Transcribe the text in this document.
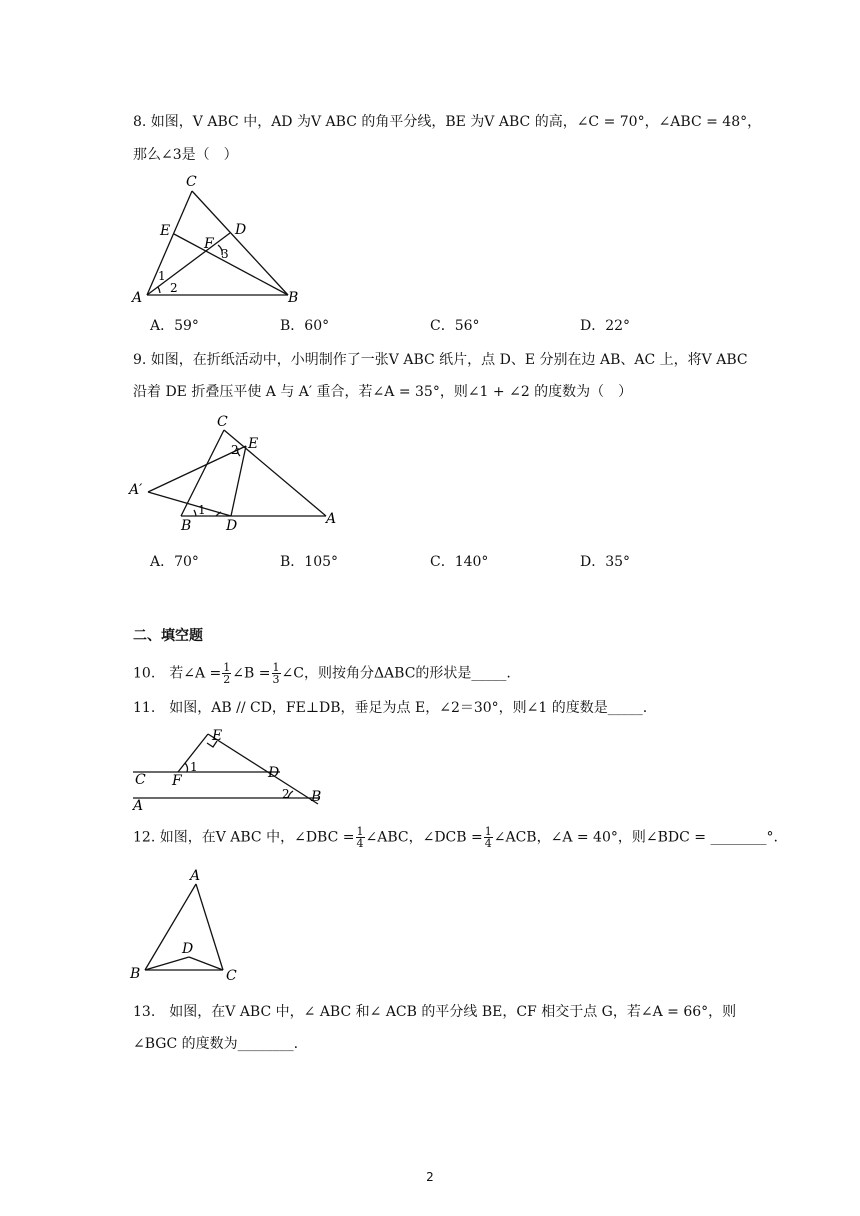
8. 如图，V ABC 中，AD 为V ABC 的角平分线，BE 为V ABC 的高，∠C = 70°，∠ABC = 48°，
那么∠3是（　）
C
E	D
F
A	B
1
2
3
A．59°	B．60°	C．56°	D．22°
9. 如图，在折纸活动中，小明制作了一张V ABC 纸片，点 D、E 分别在边 AB、AC 上，将V ABC
沿着 DE 折叠压平使 A 与 A′ 重合，若∠A = 35°，则∠1 + ∠2 的度数为（　）
C
E
A′
B D	A
1
2
A．70°	B．105°	C．140°	D．35°
二、填空题
10.　若∠A = $\frac{1}{2}$ ∠B = $\frac{1}{3}$ ∠C，则按角分ΔABC的形状是_____.
11.　如图，AB // CD，FE⊥DB，垂足为点 E，∠2＝30°，则∠1 的度数是_____.
E
C F
1	D
2 B
A
12. 如图，在V ABC 中，∠DBC = $\frac{1}{4}$ ∠ABC，∠DCB = $\frac{1}{4}$ ∠ACB，∠A = 40°，则∠BDC = ________°.
A
D
B	C
13.　如图，在V ABC 中，∠ ABC 和∠ ACB 的平分线 BE，CF 相交于点 G，若∠A = 66°，则
∠BGC 的度数为________.
2
